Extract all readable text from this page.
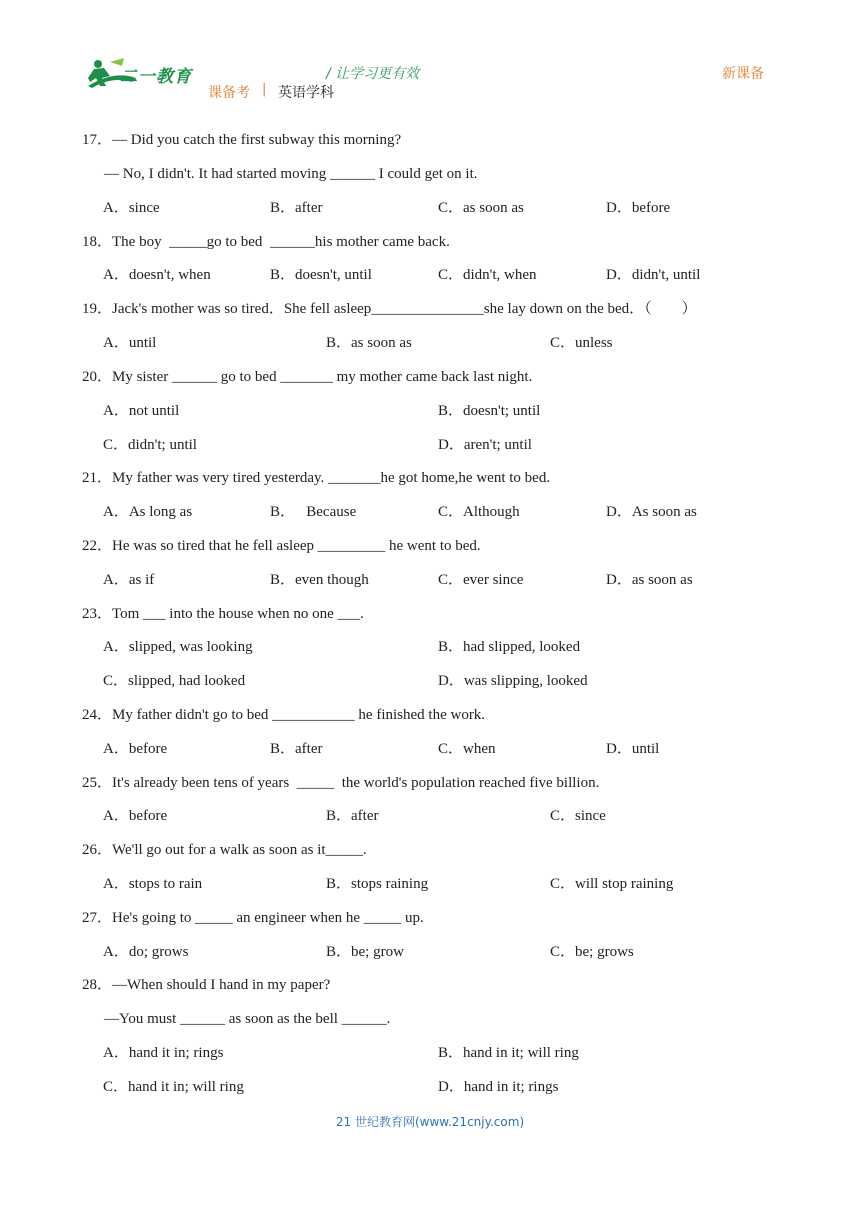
二一教育	/ 让学习更有效
课备考 | 英语学科
新课备
17．— Did you catch the first subway this morning?
— No, I didn't. It had started moving ______ I could get on it.
A．since	B．after	C．as soon as	D．before
18．The boy  _____go to bed  ______his mother came back.
A．doesn't, when	B．doesn't, until	C．didn't, when	D．didn't, until
19．Jack's mother was so tired．She fell asleep_______________she lay down on the bed．（        ）
A．until	B．as soon as	C．unless
20．My sister ______ go to bed _______ my mother came back last night.
A．not until	B．doesn't; until
C．didn't; until	D．aren't; until
21．My father was very tired yesterday. _______he got home,he went to bed.
A．As long as	B．   Because	C．Although	D．As soon as
22．He was so tired that he fell asleep _________ he went to bed.
A．as if	B．even though	C．ever since	D．as soon as
23．Tom ___ into the house when no one ___.
A．slipped, was looking	B．had slipped, looked
C．slipped, had looked	D．was slipping, looked
24．My father didn't go to bed ___________ he finished the work.
A．before	B．after	C．when	D．until
25．It's already been tens of years  _____  the world's population reached five billion.
A．before	B．after	C．since
26．We'll go out for a walk as soon as it_____.
A．stops to rain	B．stops raining	C．will stop raining
27．He's going to _____ an engineer when he _____ up.
A．do; grows	B．be; grow	C．be; grows
28．—When should I hand in my paper?
—You must ______ as soon as the bell ______.
A．hand it in; rings	B．hand in it; will ring
C．hand it in; will ring	D．hand in it; rings
21 世纪教育网(www.21cnjy.com)
